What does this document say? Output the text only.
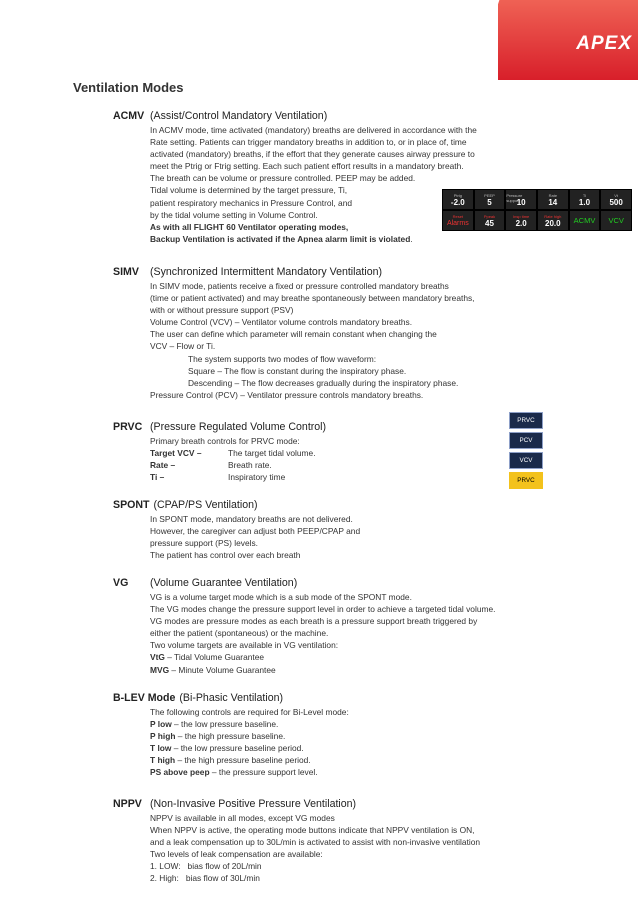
APEX
Ventilation Modes
ACMV (Assist/Control Mandatory Ventilation)
In ACMV mode, time activated (mandatory) breaths are delivered in accordance with the
Rate setting. Patients can trigger mandatory breaths in addition to, or in place of, time
activated (mandatory) breaths, if the effort that they generate causes airway pressure to
meet the Ptrig or Ftrig setting. Each such patient effort results in a mandatory breath.
The breath can be volume or pressure controlled. PEEP may be added.
Tidal volume is determined by the target pressure, Ti,
patient respiratory mechanics in Pressure Control, and
by the tidal volume setting in Volume Control.
As with all FLIGHT 60 Ventilator operating modes,
Backup Ventilation is activated if the Apnea alarm limit is violated.
Ptrig
-2.0
PEEP
5
Pressure support
10
Rate
14
Ti
1.0
Vt
500
Reset
Alarms
Ppeak
45
Insp time
2.0
Rate high
20.0 ACMV VCV
SIMV (Synchronized Intermittent Mandatory Ventilation)
In SIMV mode, patients receive a fixed or pressure controlled mandatory breaths
(time or patient activated) and may breathe spontaneously between mandatory breaths,
with or without pressure support (PSV)
Volume Control (VCV) – Ventilator volume controls mandatory breaths.
The user can define which parameter will remain constant when changing the
VCV – Flow or Ti.
The system supports two modes of flow waveform:
Square – The flow is constant during the inspiratory phase.
Descending – The flow decreases gradually during the inspiratory phase.
Pressure Control (PCV) – Ventilator pressure controls mandatory breaths.
PRVC (Pressure Regulated Volume Control)
Primary breath controls for PRVC mode:
Target VCV –	The target tidal volume.
Rate –	Breath rate.
Ti –	Inspiratory time
PRVC
PCV
VCV
PRVC
SPONT (CPAP/PS Ventilation)
In SPONT mode, mandatory breaths are not delivered.
However, the caregiver can adjust both PEEP/CPAP and
pressure support (PS) levels.
The patient has control over each breath
VG (Volume Guarantee Ventilation)
VG is a volume target mode which is a sub mode of the SPONT mode.
The VG modes change the pressure support level in order to achieve a targeted tidal volume.
VG modes are pressure modes as each breath is a pressure support breath triggered by
either the patient (spontaneous) or the machine.
Two volume targets are available in VG ventilation:
VtG – Tidal Volume Guarantee
MVG – Minute Volume Guarantee
B-LEV Mode (Bi-Phasic Ventilation)
The following controls are required for Bi-Level mode:
P low – the low pressure baseline.
P high – the high pressure baseline.
T low – the low pressure baseline period.
T high – the high pressure baseline period.
PS above peep – the pressure support level.
NPPV (Non-Invasive Positive Pressure Ventilation)
NPPV is available in all modes, except VG modes
When NPPV is active, the operating mode buttons indicate that NPPV ventilation is ON,
and a leak compensation up to 30L/min is activated to assist with non-invasive ventilation
Two levels of leak compensation are available:
1. LOW:   bias flow of 20L/min
2. High:   bias flow of 30L/min
